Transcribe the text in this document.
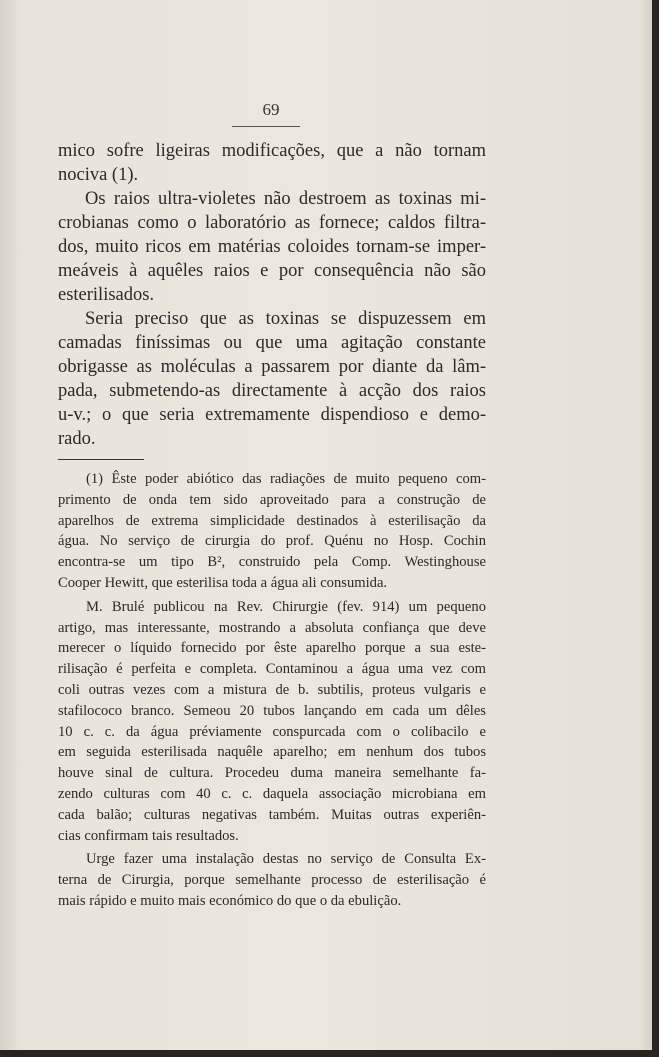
69
mico sofre ligeiras modificações, que a não tornam
nociva (1).
Os raios ultra-violetes não destroem as toxinas mi-
crobianas como o laboratório as fornece; caldos filtra-
dos, muito ricos em matérias coloides tornam-se imper-
meáveis à aquêles raios e por consequência não são
esterilisados.
Seria preciso que as toxinas se dispuzessem em
camadas finíssimas ou que uma agitação constante
obrigasse as moléculas a passarem por diante da lâm-
pada, submetendo-as directamente à acção dos raios
u-v.; o que seria extremamente dispendioso e demo-
rado.
(1) Êste poder abiótico das radiações de muito pequeno com-
primento de onda tem sido aproveitado para a construção de
aparelhos de extrema simplicidade destinados à esterilisação da
água. No serviço de cirurgia do prof. Quénu no Hosp. Cochin
encontra-se um tipo B², construido pela Comp. Westinghouse
Cooper Hewitt, que esterilisa toda a água ali consumida.
M. Brulé publicou na Rev. Chirurgie (fev. 914) um pequeno
artigo, mas interessante, mostrando a absoluta confiança que deve
merecer o líquido fornecido por êste aparelho porque a sua este-
rilisação é perfeita e completa. Contaminou a água uma vez com
coli outras vezes com a mistura de b. subtilis, proteus vulgaris e
stafilococo branco. Semeou 20 tubos lançando em cada um dêles
10 c. c. da água préviamente conspurcada com o colibacilo e
em seguida esterilisada naquêle aparelho; em nenhum dos tubos
houve sinal de cultura. Procedeu duma maneira semelhante fa-
zendo culturas com 40 c. c. daquela associação microbiana em
cada balão; culturas negativas também. Muitas outras experiên-
cias confirmam tais resultados.
Urge fazer uma instalação destas no serviço de Consulta Ex-
terna de Cirurgia, porque semelhante processo de esterilisação é
mais rápido e muito mais económico do que o da ebulição.
